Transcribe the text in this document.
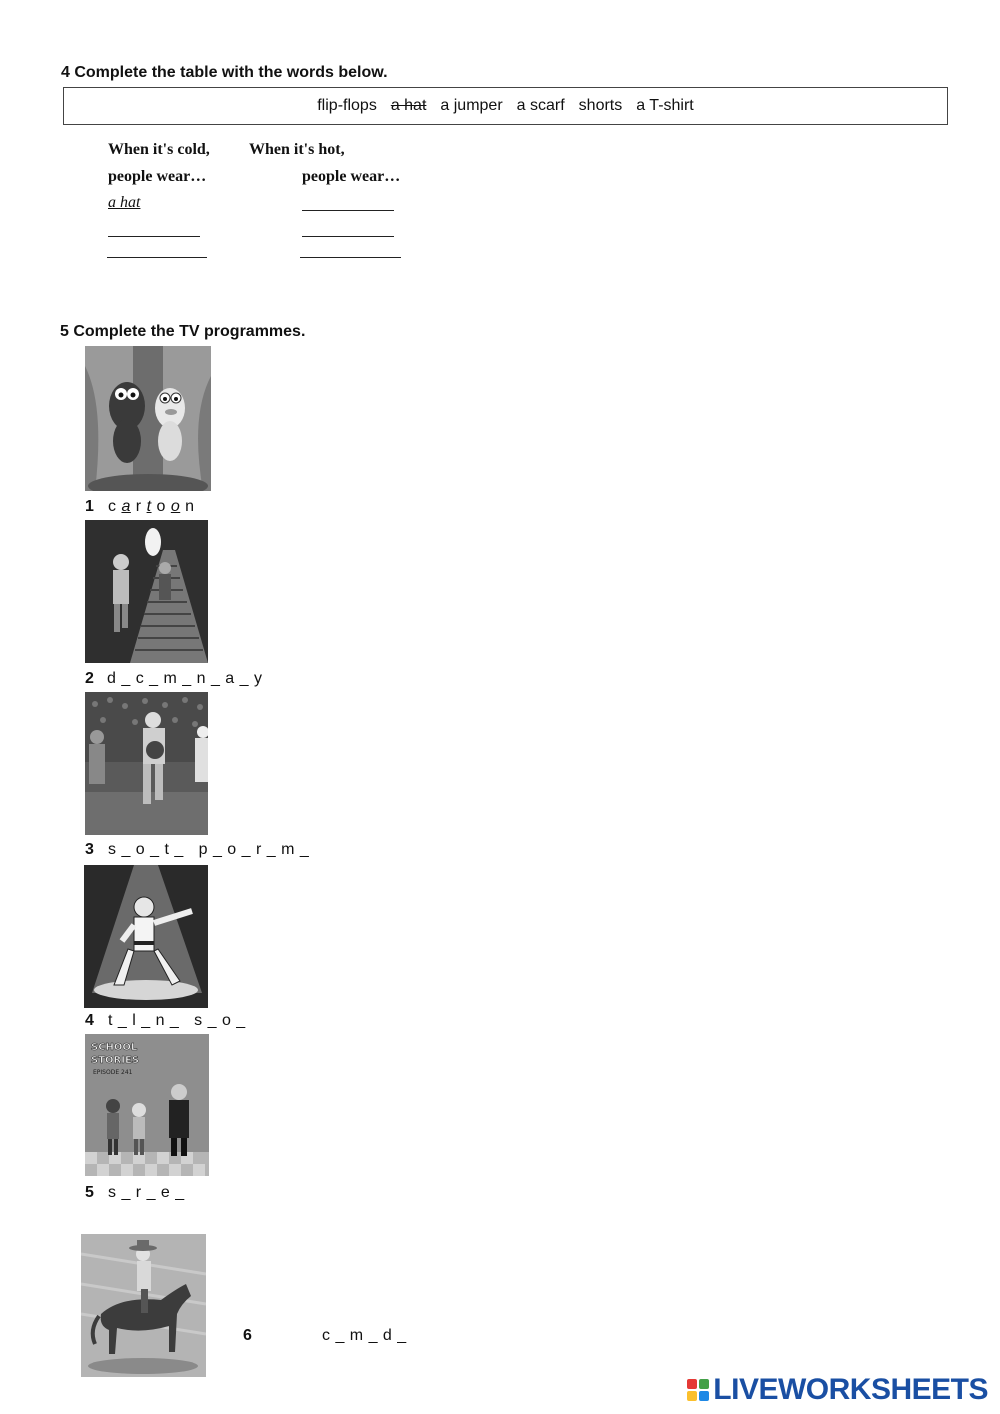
4 Complete the table with the words below.
flip-flops a hat a jumper a scarf shorts a T-shirt
When it's cold, When it's hot,
people wear…	people wear…
a hat
5 Complete the TV programmes.
1 c a r t o o n
2 d _ c _ m _ n _ a _ y
3 s _ o _ t _   p _ o _ r _ m _
4 t _ l _ n _   s _ o _
SCHOOL
STORIES
EPISODE 241
5 s _ r _ e _
6	c _ m _ d _
LIVEWORKSHEETS
